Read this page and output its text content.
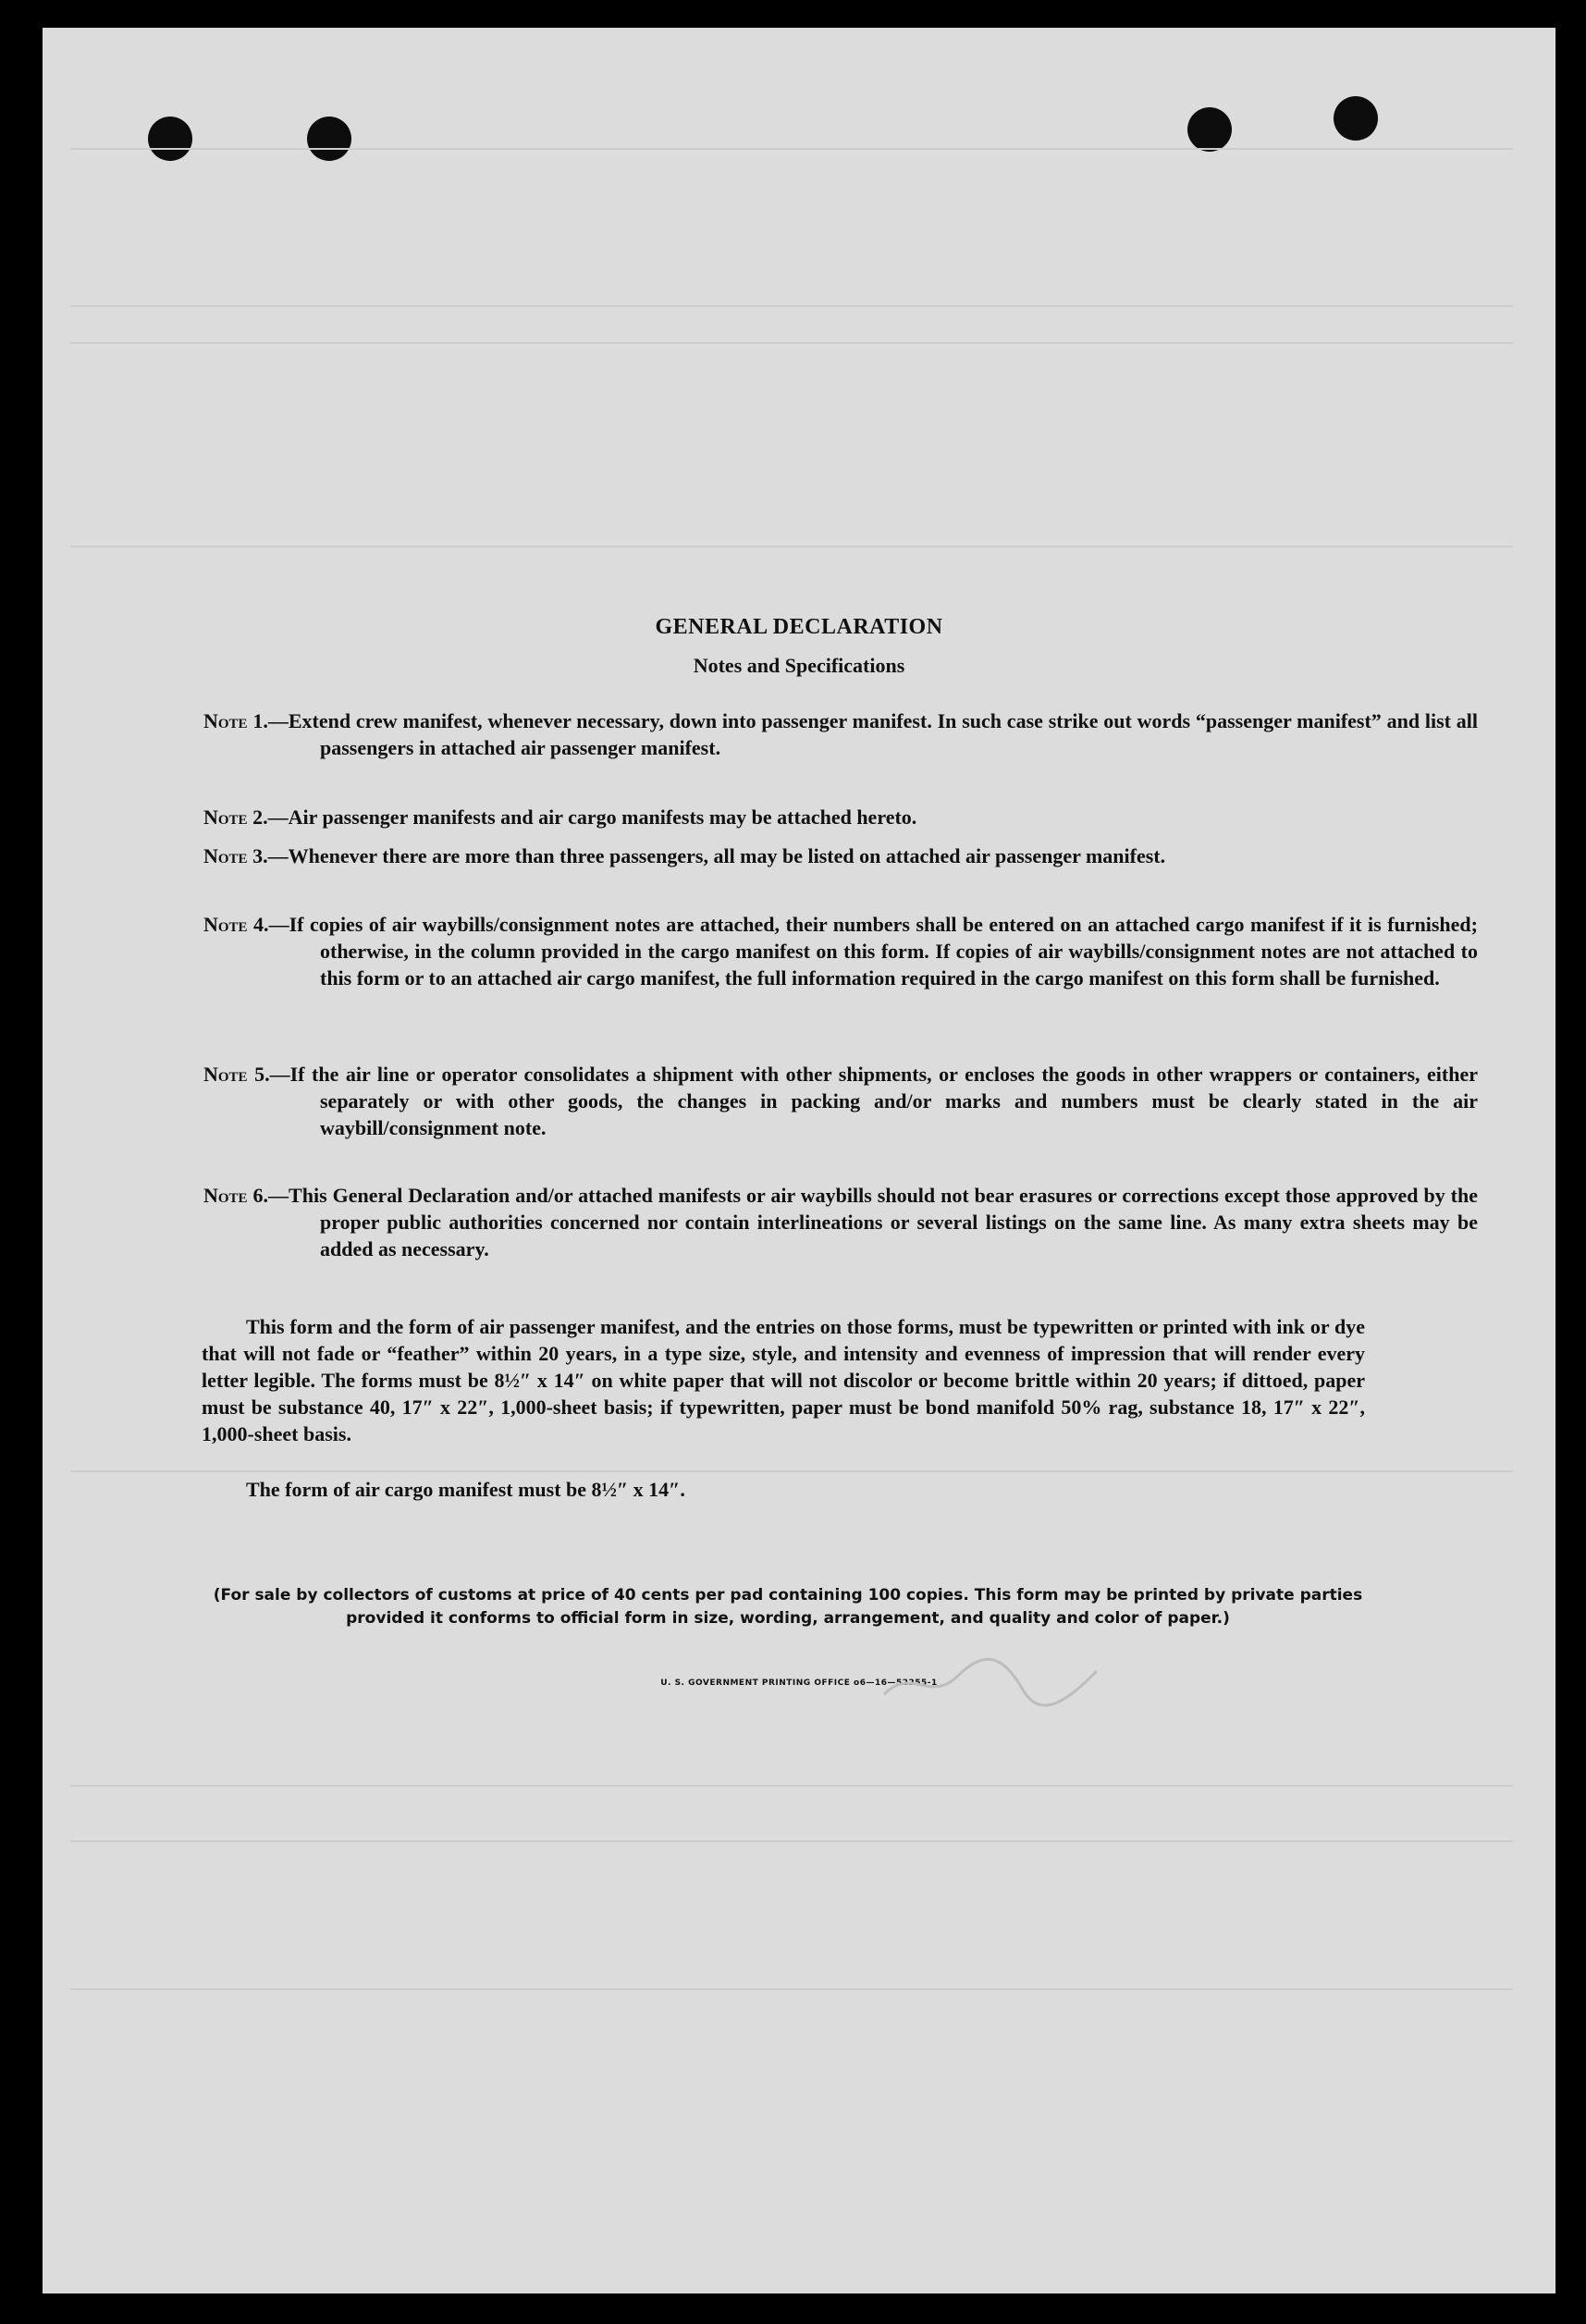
GENERAL DECLARATION
Notes and Specifications
Note 1.—Extend crew manifest, whenever necessary, down into passenger manifest. In such case strike out words “passenger manifest” and list all passengers in attached air passenger manifest.
Note 2.—Air passenger manifests and air cargo manifests may be attached hereto.
Note 3.—Whenever there are more than three passengers, all may be listed on attached air passenger manifest.
Note 4.—If copies of air waybills/consignment notes are attached, their numbers shall be entered on an attached cargo manifest if it is furnished; otherwise, in the column provided in the cargo manifest on this form. If copies of air waybills/consignment notes are not attached to this form or to an attached air cargo manifest, the full information required in the cargo manifest on this form shall be furnished.
Note 5.—If the air line or operator consolidates a shipment with other shipments, or encloses the goods in other wrappers or containers, either separately or with other goods, the changes in packing and/or marks and numbers must be clearly stated in the air waybill/consignment note.
Note 6.—This General Declaration and/or attached manifests or air waybills should not bear erasures or corrections except those approved by the proper public authorities concerned nor contain interlineations or several listings on the same line. As many extra sheets may be added as necessary.
This form and the form of air passenger manifest, and the entries on those forms, must be typewritten or printed with ink or dye that will not fade or “feather” within 20 years, in a type size, style, and intensity and evenness of impression that will render every letter legible. The forms must be 8½″ x 14″ on white paper that will not discolor or become brittle within 20 years; if dittoed, paper must be substance 40, 17″ x 22″, 1,000-sheet basis; if typewritten, paper must be bond manifold 50% rag, substance 18, 17″ x 22″, 1,000-sheet basis.
The form of air cargo manifest must be 8½″ x 14″.
(For sale by collectors of customs at price of 40 cents per pad containing 100 copies. This form may be printed by private parties provided it conforms to official form in size, wording, arrangement, and quality and color of paper.)
U. S. GOVERNMENT PRINTING OFFICE o6—16—52255-1
